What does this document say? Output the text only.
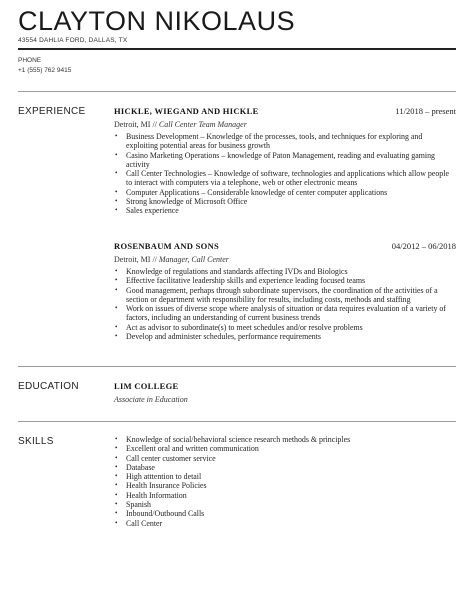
CLAYTON NIKOLAUS
43554 DAHLIA FORD, DALLAS, TX
PHONE
+1 (555) 762 9415
EXPERIENCE	HICKLE, WIEGAND AND HICKLE	11/2018 – present
Detroit, MI // Call Center Team Manager
• Business Development – Knowledge of the processes, tools, and techniques for exploring and exploiting potential areas for business growth
• Casino Marketing Operations – knowledge of Paton Management, reading and evaluating gaming activity
• Call Center Technologies – Knowledge of software, technologies and applications which allow people to interact with computers via a telephone, web or other electronic means
• Computer Applications – Considerable knowledge of center computer applications
• Strong knowledge of Microsoft Office
• Sales experience
ROSENBAUM AND SONS	04/2012 – 06/2018
Detroit, MI // Manager, Call Center
• Knowledge of regulations and standards affecting IVDs and Biologics
• Effective facilitative leadership skills and experience leading focused teams
• Good management, perhaps through subordinate supervisors, the coordination of the activities of a section or department with responsibility for results, including costs, methods and staffing
• Work on issues of diverse scope where analysis of situation or data requires evaluation of a variety of factors, including an understanding of current business trends
• Act as advisor to subordinate(s) to meet schedules and/or resolve problems
• Develop and administer schedules, performance requirements
EDUCATION	LIM COLLEGE
Associate in Education
SKILLS
•	Knowledge of social/behavioral science research methods & principles
• Excellent oral and written communication
• Call center customer service
• Database
• High atttention to detail
• Health Insurance Policies
• Health Information
• Spanish
• Inbound/Outbound Calls
• Call Center
